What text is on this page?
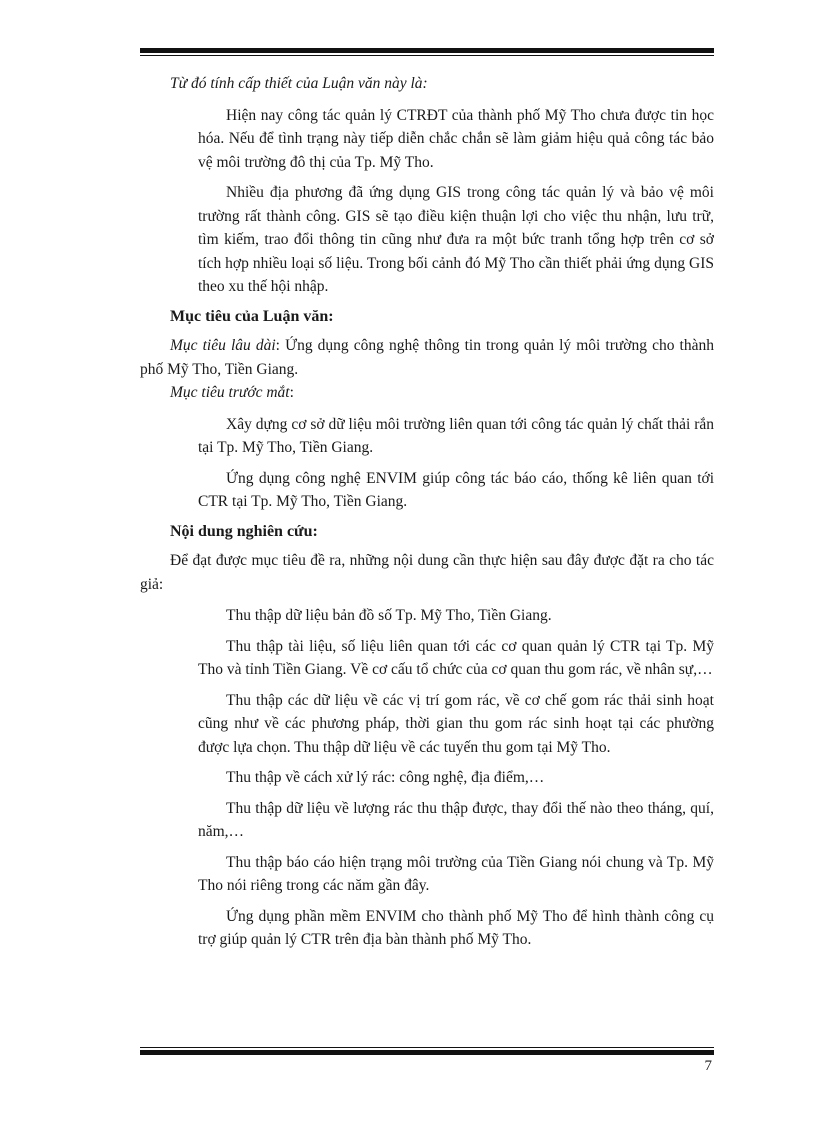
Từ đó tính cấp thiết của Luận văn này là:

Hiện nay công tác quản lý CTRĐT của thành phố Mỹ Tho chưa được tin học hóa. Nếu để tình trạng này tiếp diễn chắc chắn sẽ làm giảm hiệu quả công tác bảo vệ môi trường đô thị của Tp. Mỹ Tho.

Nhiều địa phương đã ứng dụng GIS trong công tác quản lý và bảo vệ môi trường rất thành công. GIS sẽ tạo điều kiện thuận lợi cho việc thu nhận, lưu trữ, tìm kiếm, trao đổi thông tin cũng như đưa ra một bức tranh tổng hợp trên cơ sở tích hợp nhiều loại số liệu. Trong bối cảnh đó Mỹ Tho cần thiết phải ứng dụng GIS theo xu thế hội nhập.

Mục tiêu của Luận văn:

Mục tiêu lâu dài: Ứng dụng công nghệ thông tin trong quản lý môi trường cho thành phố Mỹ Tho, Tiền Giang.

Mục tiêu trước mắt:

Xây dựng cơ sở dữ liệu môi trường liên quan tới công tác quản lý chất thải rắn tại Tp. Mỹ Tho, Tiền Giang.

Ứng dụng công nghệ ENVIM giúp công tác báo cáo, thống kê liên quan tới CTR tại Tp. Mỹ Tho, Tiền Giang.

Nội dung nghiên cứu:

Để đạt được mục tiêu đề ra, những nội dung cần thực hiện sau đây được đặt ra cho tác giả:

Thu thập dữ liệu bản đồ số Tp. Mỹ Tho, Tiền Giang.

Thu thập tài liệu, số liệu liên quan tới các cơ quan quản lý CTR tại Tp. Mỹ Tho và tỉnh Tiền Giang. Về cơ cấu tổ chức của cơ quan thu gom rác, về nhân sự,…

Thu thập các dữ liệu về các vị trí gom rác, về cơ chế gom rác thải sinh hoạt cũng như về các phương pháp, thời gian thu gom rác sinh hoạt tại các phường được lựa chọn. Thu thập dữ liệu về các tuyến thu gom tại Mỹ Tho.

Thu thập về cách xử lý rác: công nghệ, địa điểm,…

Thu thập dữ liệu về lượng rác thu thập được, thay đổi thế nào theo tháng, quí, năm,…

Thu thập báo cáo hiện trạng môi trường của Tiền Giang nói chung và Tp. Mỹ Tho nói riêng trong các năm gần đây.

Ứng dụng phần mềm ENVIM cho thành phố Mỹ Tho để hình thành công cụ trợ giúp quản lý CTR trên địa bàn thành phố Mỹ Tho.

7
